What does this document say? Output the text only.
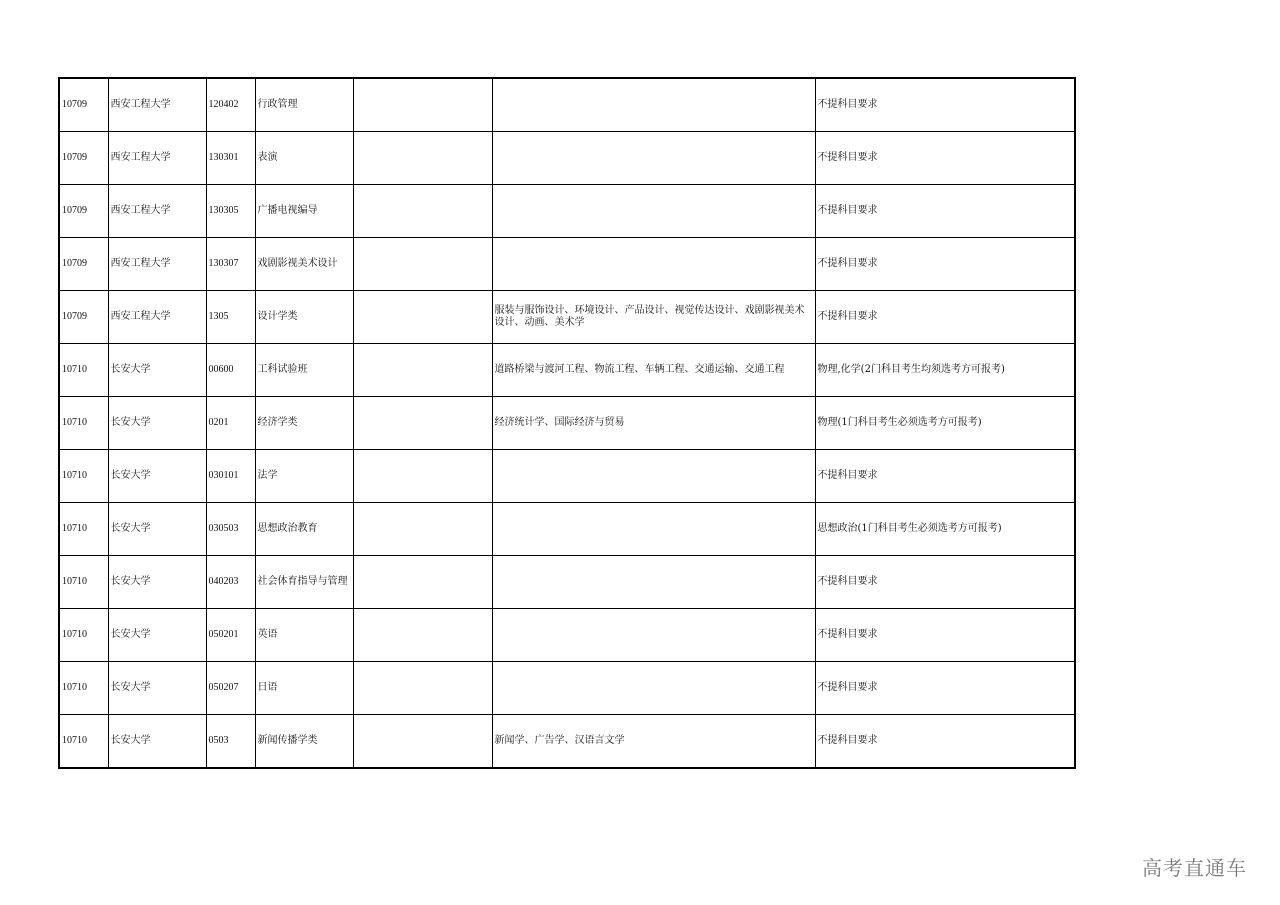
10709	西安工程大学	120402	行政管理			不提科目要求
10709	西安工程大学	130301	表演			不提科目要求
10709	西安工程大学	130305	广播电视编导			不提科目要求
10709	西安工程大学	130307	戏剧影视美术设计			不提科目要求
10709	西安工程大学	1305	设计学类		服装与服饰设计、环境设计、产品设计、视觉传达设计、戏剧影视美术设计、动画、美术学	不提科目要求
10710	长安大学	00600	工科试验班		道路桥梁与渡河工程、物流工程、车辆工程、交通运输、交通工程	物理,化学(2门科目考生均须选考方可报考)
10710	长安大学	0201	经济学类		经济统计学、国际经济与贸易	物理(1门科目考生必须选考方可报考)
10710	长安大学	030101	法学			不提科目要求
10710	长安大学	030503	思想政治教育			思想政治(1门科目考生必须选考方可报考)
10710	长安大学	040203	社会体育指导与管理			不提科目要求
10710	长安大学	050201	英语			不提科目要求
10710	长安大学	050207	日语			不提科目要求
10710	长安大学	0503	新闻传播学类		新闻学、广告学、汉语言文学	不提科目要求
高考直通车
